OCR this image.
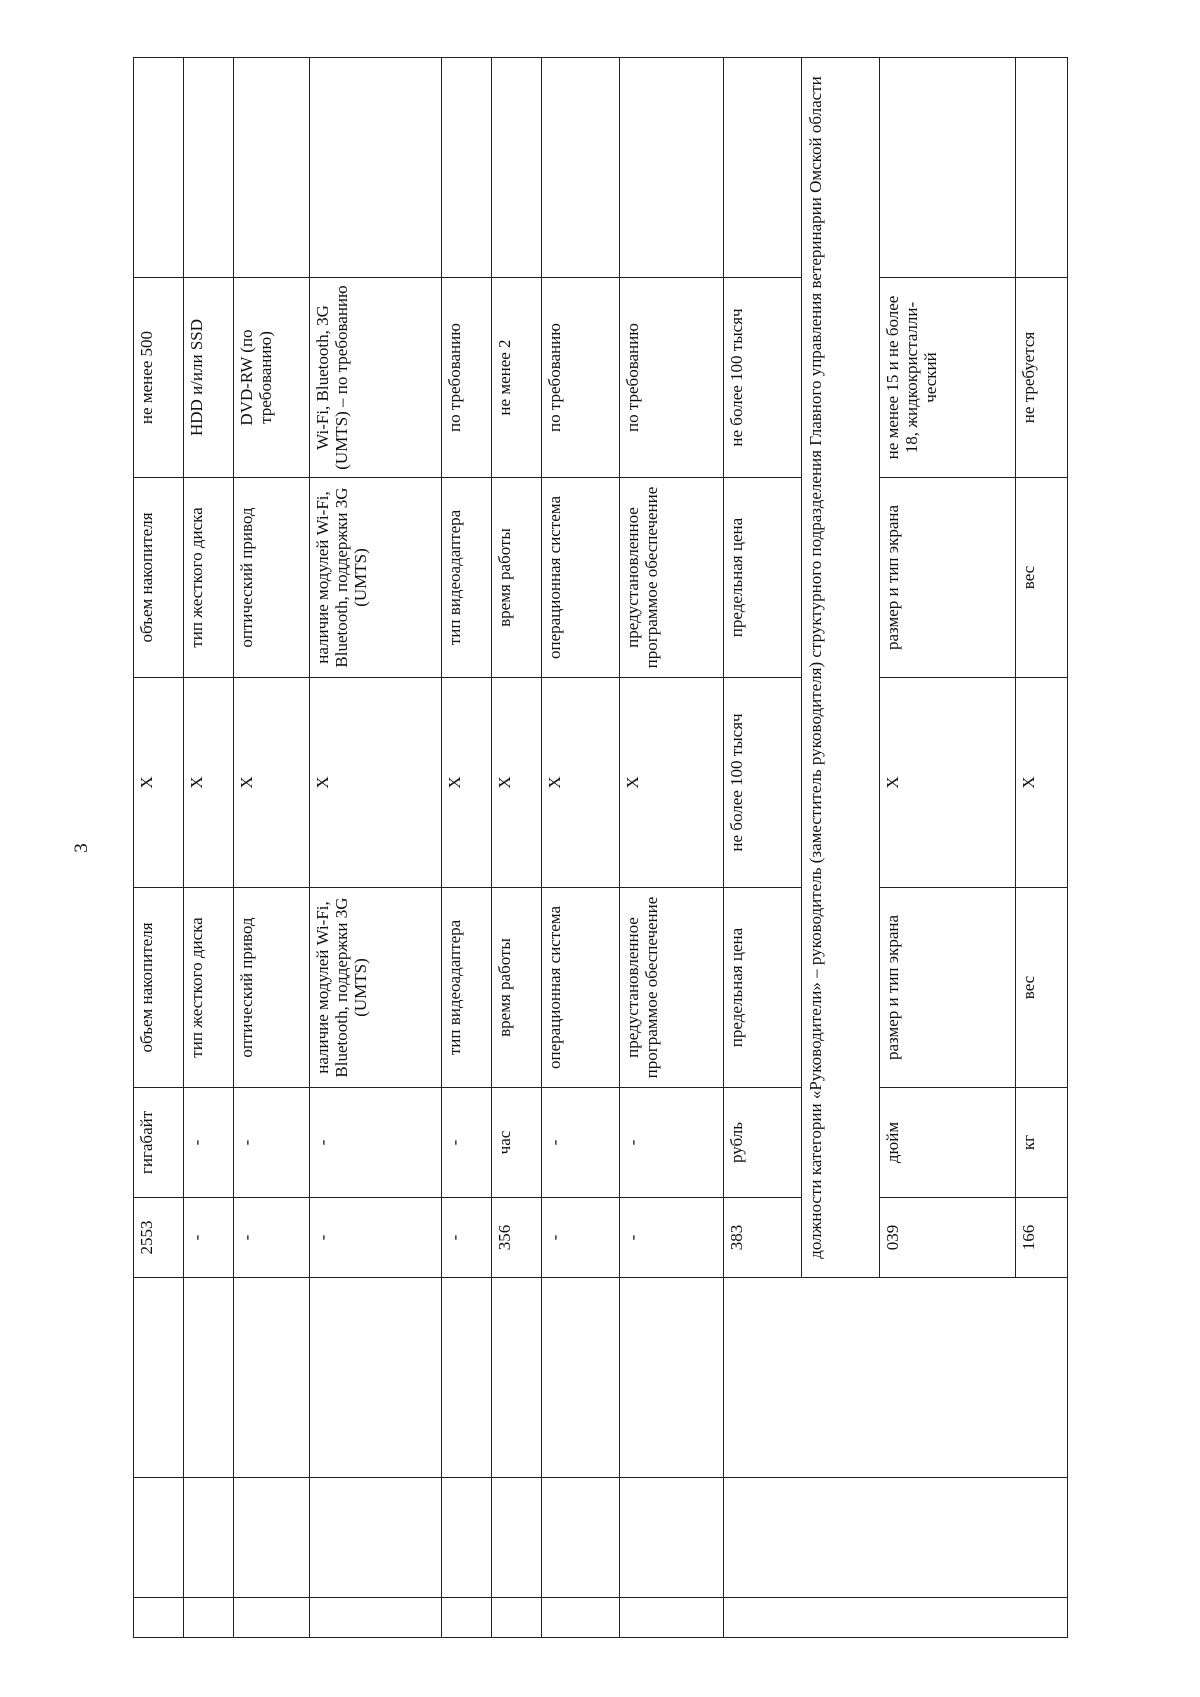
3
			2553	гигабайт	объем накопителя	Х	объем накопителя	не менее 500	
			-	-	тип жесткого диска	Х	тип жесткого диска	HDD и/или SSD	
			-	-	оптический привод	Х	оптический привод	DVD-RW (по требованию)	
			-	-	наличие модулей Wi-Fi, Bluetooth, поддержки 3G (UMTS)	Х	наличие модулей Wi-Fi, Bluetooth, поддержки 3G (UMTS)	Wi-Fi, Bluetooth, 3G (UMTS) – по требованию	
			-	-	тип видеоадаптера	Х	тип видеоадаптера	по требованию	
			356	час	время работы	Х	время работы	не менее 2	
			-	-	операционная система	Х	операционная система	по требованию	
			-	-	предустановленное программое обеспечение	Х	предустановленное программое обеспечение	по требованию	
			383	рубль	предельная цена	не более 100 тысяч	предельная цена	не более 100 тысяч	
			должности категории «Руководители» – руководитель (заместитель руководителя) структурного подразделения Главного управления ветеринарии Омской области						
			039	дюйм	размер и тип экрана	Х	размер и тип экрана	не менее 15 и не более 18, жидкокристалли-ческий	
			166	кг	вес	Х	вес	не требуется	
